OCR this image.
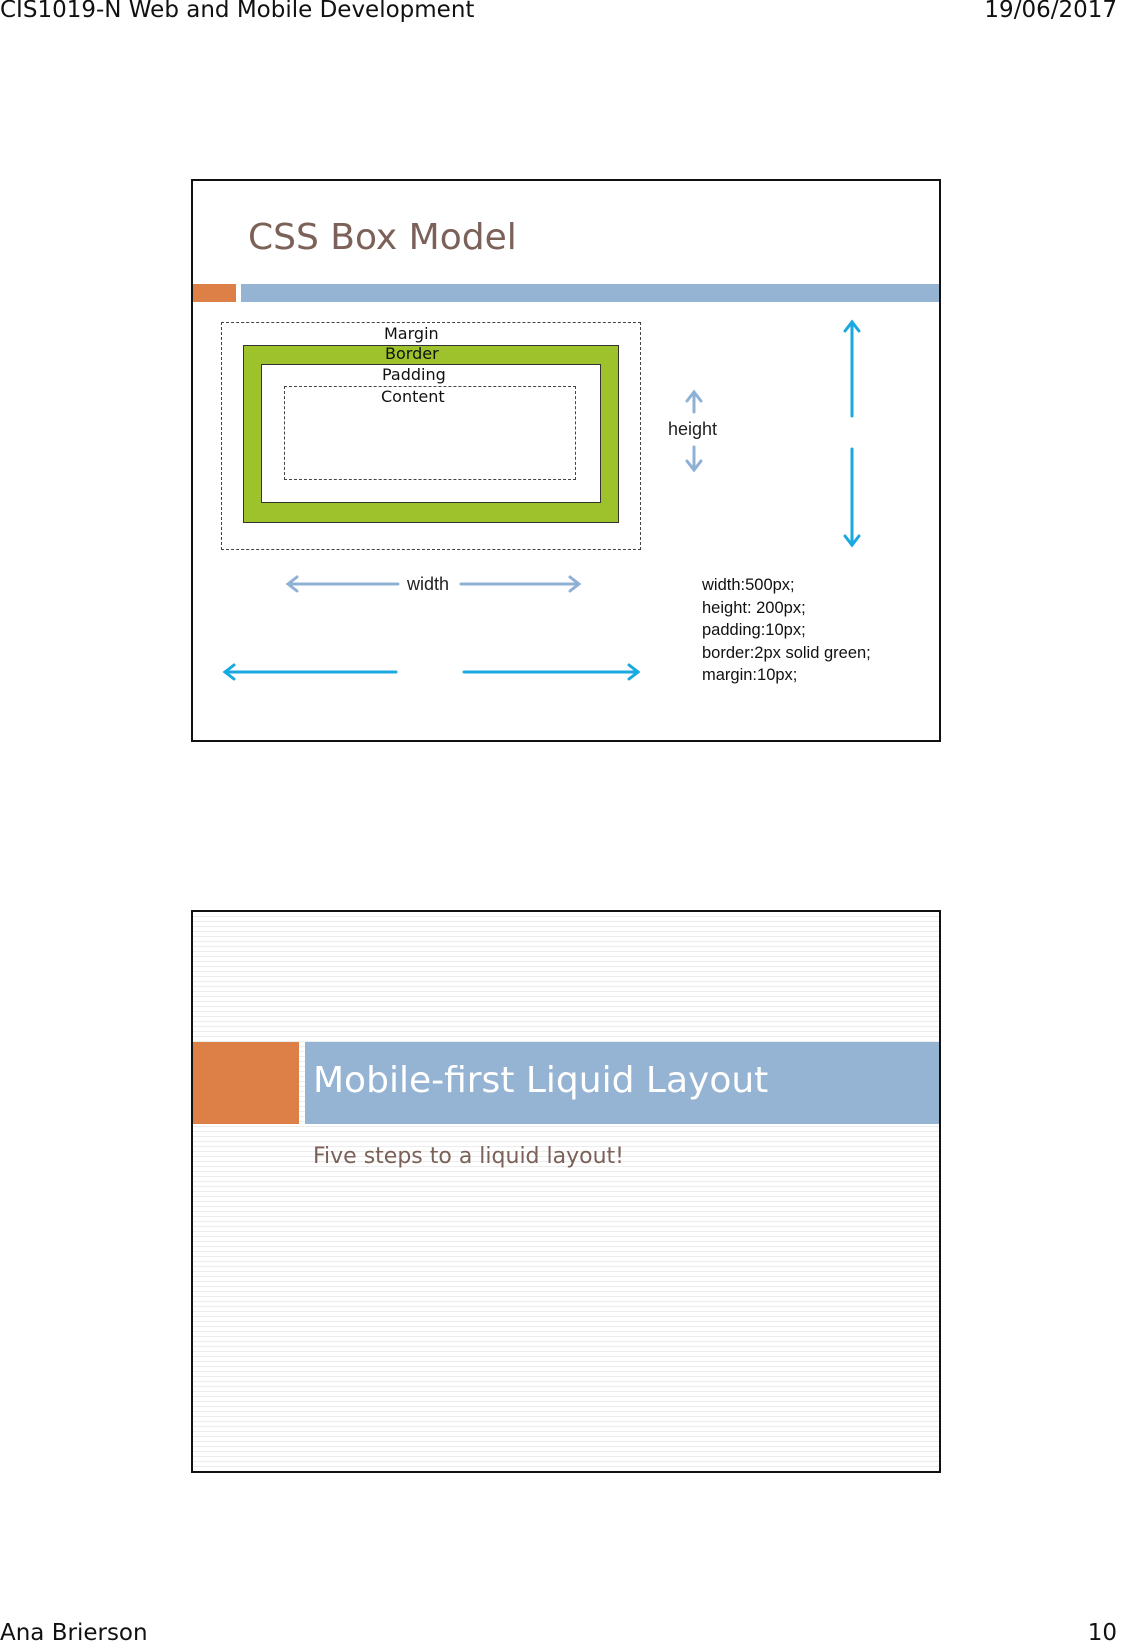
CIS1019-N Web and Mobile Development	19/06/2017
CSS Box Model
Margin
Border
Padding
Content
height
width	width:500px;
height: 200px;
padding:10px;
border:2px solid green;
margin:10px;
Mobile-first Liquid Layout
Five steps to a liquid layout!
Ana Brierson	10
